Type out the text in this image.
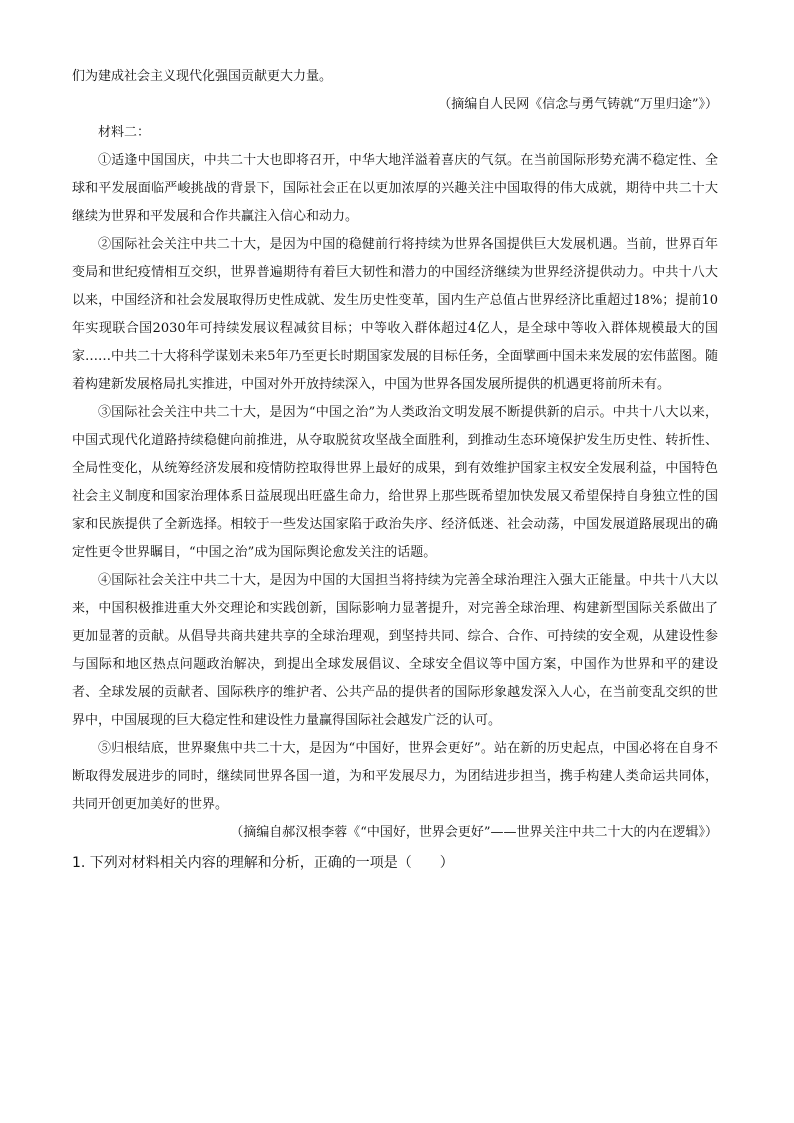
们为建成社会主义现代化强国贡献更大力量。
（摘编自人民网《信念与勇气铸就“万里归途”》）
材料二：

①适逢中国国庆，中共二十大也即将召开，中华大地洋溢着喜庆的气氛。在当前国际形势充满不稳定性、全球和平发展面临严峻挑战的背景下，国际社会正在以更加浓厚的兴趣关注中国取得的伟大成就，期待中共二十大继续为世界和平发展和合作共赢注入信心和动力。

②国际社会关注中共二十大，是因为中国的稳健前行将持续为世界各国提供巨大发展机遇。当前，世界百年变局和世纪疫情相互交织，世界普遍期待有着巨大韧性和潜力的中国经济继续为世界经济提供动力。中共十八大以来，中国经济和社会发展取得历史性成就、发生历史性变革，国内生产总值占世界经济比重超过18%；提前10年实现联合国2030年可持续发展议程减贫目标；中等收入群体超过4亿人，是全球中等收入群体规模最大的国家……中共二十大将科学谋划未来5年乃至更长时期国家发展的目标任务，全面擘画中国未来发展的宏伟蓝图。随着构建新发展格局扎实推进，中国对外开放持续深入，中国为世界各国发展所提供的机遇更将前所未有。

③国际社会关注中共二十大，是因为“中国之治”为人类政治文明发展不断提供新的启示。中共十八大以来，中国式现代化道路持续稳健向前推进，从夺取脱贫攻坚战全面胜利，到推动生态环境保护发生历史性、转折性、全局性变化，从统筹经济发展和疫情防控取得世界上最好的成果，到有效维护国家主权安全发展利益，中国特色社会主义制度和国家治理体系日益展现出旺盛生命力，给世界上那些既希望加快发展又希望保持自身独立性的国家和民族提供了全新选择。相较于一些发达国家陷于政治失序、经济低迷、社会动荡，中国发展道路展现出的确定性更令世界瞩目，“中国之治”成为国际舆论愈发关注的话题。

④国际社会关注中共二十大，是因为中国的大国担当将持续为完善全球治理注入强大正能量。中共十八大以来，中国积极推进重大外交理论和实践创新，国际影响力显著提升，对完善全球治理、构建新型国际关系做出了更加显著的贡献。从倡导共商共建共享的全球治理观，到坚持共同、综合、合作、可持续的安全观，从建设性参与国际和地区热点问题政治解决，到提出全球发展倡议、全球安全倡议等中国方案，中国作为世界和平的建设者、全球发展的贡献者、国际秩序的维护者、公共产品的提供者的国际形象越发深入人心，在当前变乱交织的世界中，中国展现的巨大稳定性和建设性力量赢得国际社会越发广泛的认可。

⑤归根结底，世界聚焦中共二十大，是因为“中国好，世界会更好”。站在新的历史起点，中国必将在自身不断取得发展进步的同时，继续同世界各国一道，为和平发展尽力，为团结进步担当，携手构建人类命运共同体，共同开创更加美好的世界。

（摘编自郝汉根李蓉《“中国好，世界会更好”——世界关注中共二十大的内在逻辑》）
1. 下列对材料相关内容的理解和分析，正确的一项是（　　）
